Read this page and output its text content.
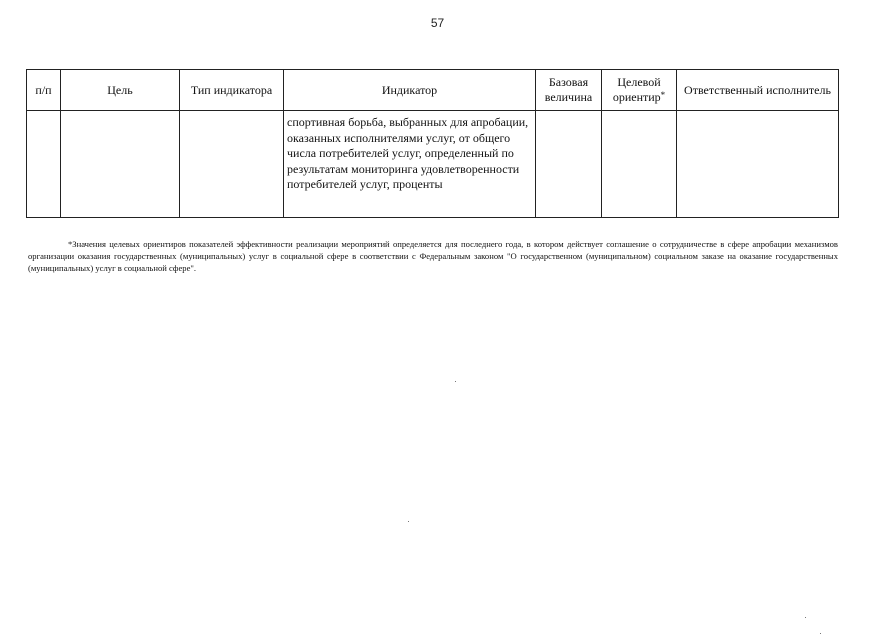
57
п/п	Цель	Тип индикатора	Индикатор	Базовая величина	Целевой ориентир*	Ответственный исполнитель
			спортивная борьба, выбранных для апробации, оказанных исполнителями услуг, от общего числа потребителей услуг, определенный по результатам мониторинга удовлетворенности потребителей услуг, проценты			
*Значения целевых ориентиров показателей эффективности реализации мероприятий определяется для последнего года, в котором действует соглашение о сотрудничестве в сфере апробации механизмов организации оказания государственных (муниципальных) услуг в социальной сфере в соответствии с Федеральным законом "О государственном (муниципальном) социальном заказе на оказание государственных (муниципальных) услуг в социальной сфере".
